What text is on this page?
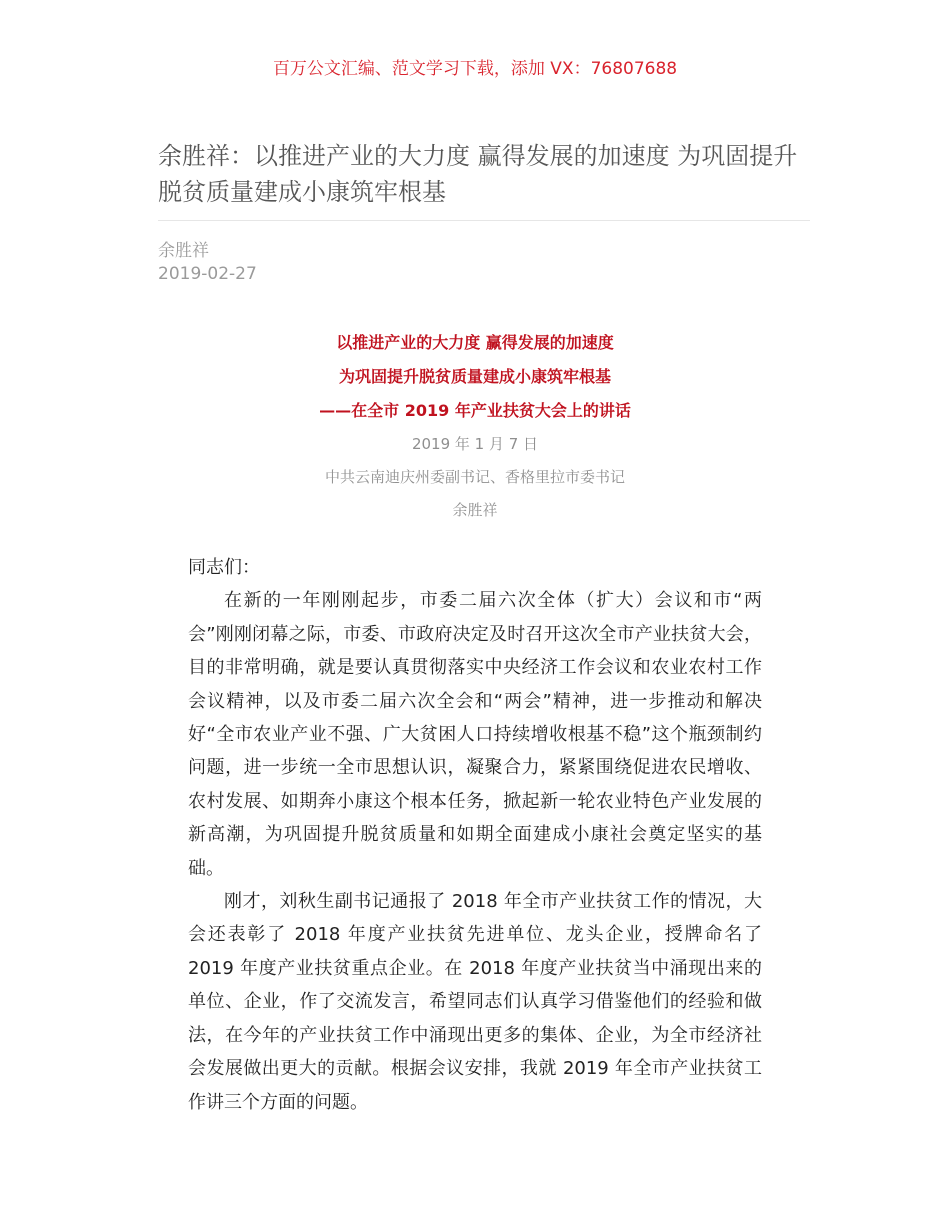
百万公文汇编、范文学习下载，添加 VX：76807688
余胜祥：以推进产业的大力度 赢得发展的加速度 为巩固提升脱贫质量建成小康筑牢根基
余胜祥
2019-02-27
以推进产业的大力度 赢得发展的加速度
为巩固提升脱贫质量建成小康筑牢根基
——在全市 2019 年产业扶贫大会上的讲话
2019 年 1 月 7 日
中共云南迪庆州委副书记、香格里拉市委书记
余胜祥

同志们：

在新的一年刚刚起步，市委二届六次全体（扩大）会议和市“两会”刚刚闭幕之际，市委、市政府决定及时召开这次全市产业扶贫大会，目的非常明确，就是要认真贯彻落实中央经济工作会议和农业农村工作会议精神，以及市委二届六次全会和“两会”精神，进一步推动和解决好“全市农业产业不强、广大贫困人口持续增收根基不稳”这个瓶颈制约问题，进一步统一全市思想认识，凝聚合力，紧紧围绕促进农民增收、农村发展、如期奔小康这个根本任务，掀起新一轮农业特色产业发展的新高潮，为巩固提升脱贫质量和如期全面建成小康社会奠定坚实的基础。

刚才，刘秋生副书记通报了 2018 年全市产业扶贫工作的情况，大会还表彰了 2018 年度产业扶贫先进单位、龙头企业，授牌命名了 2019 年度产业扶贫重点企业。在 2018 年度产业扶贫当中涌现出来的单位、企业，作了交流发言，希望同志们认真学习借鉴他们的经验和做法，在今年的产业扶贫工作中涌现出更多的集体、企业，为全市经济社会发展做出更大的贡献。根据会议安排，我就 2019 年全市产业扶贫工作讲三个方面的问题。
